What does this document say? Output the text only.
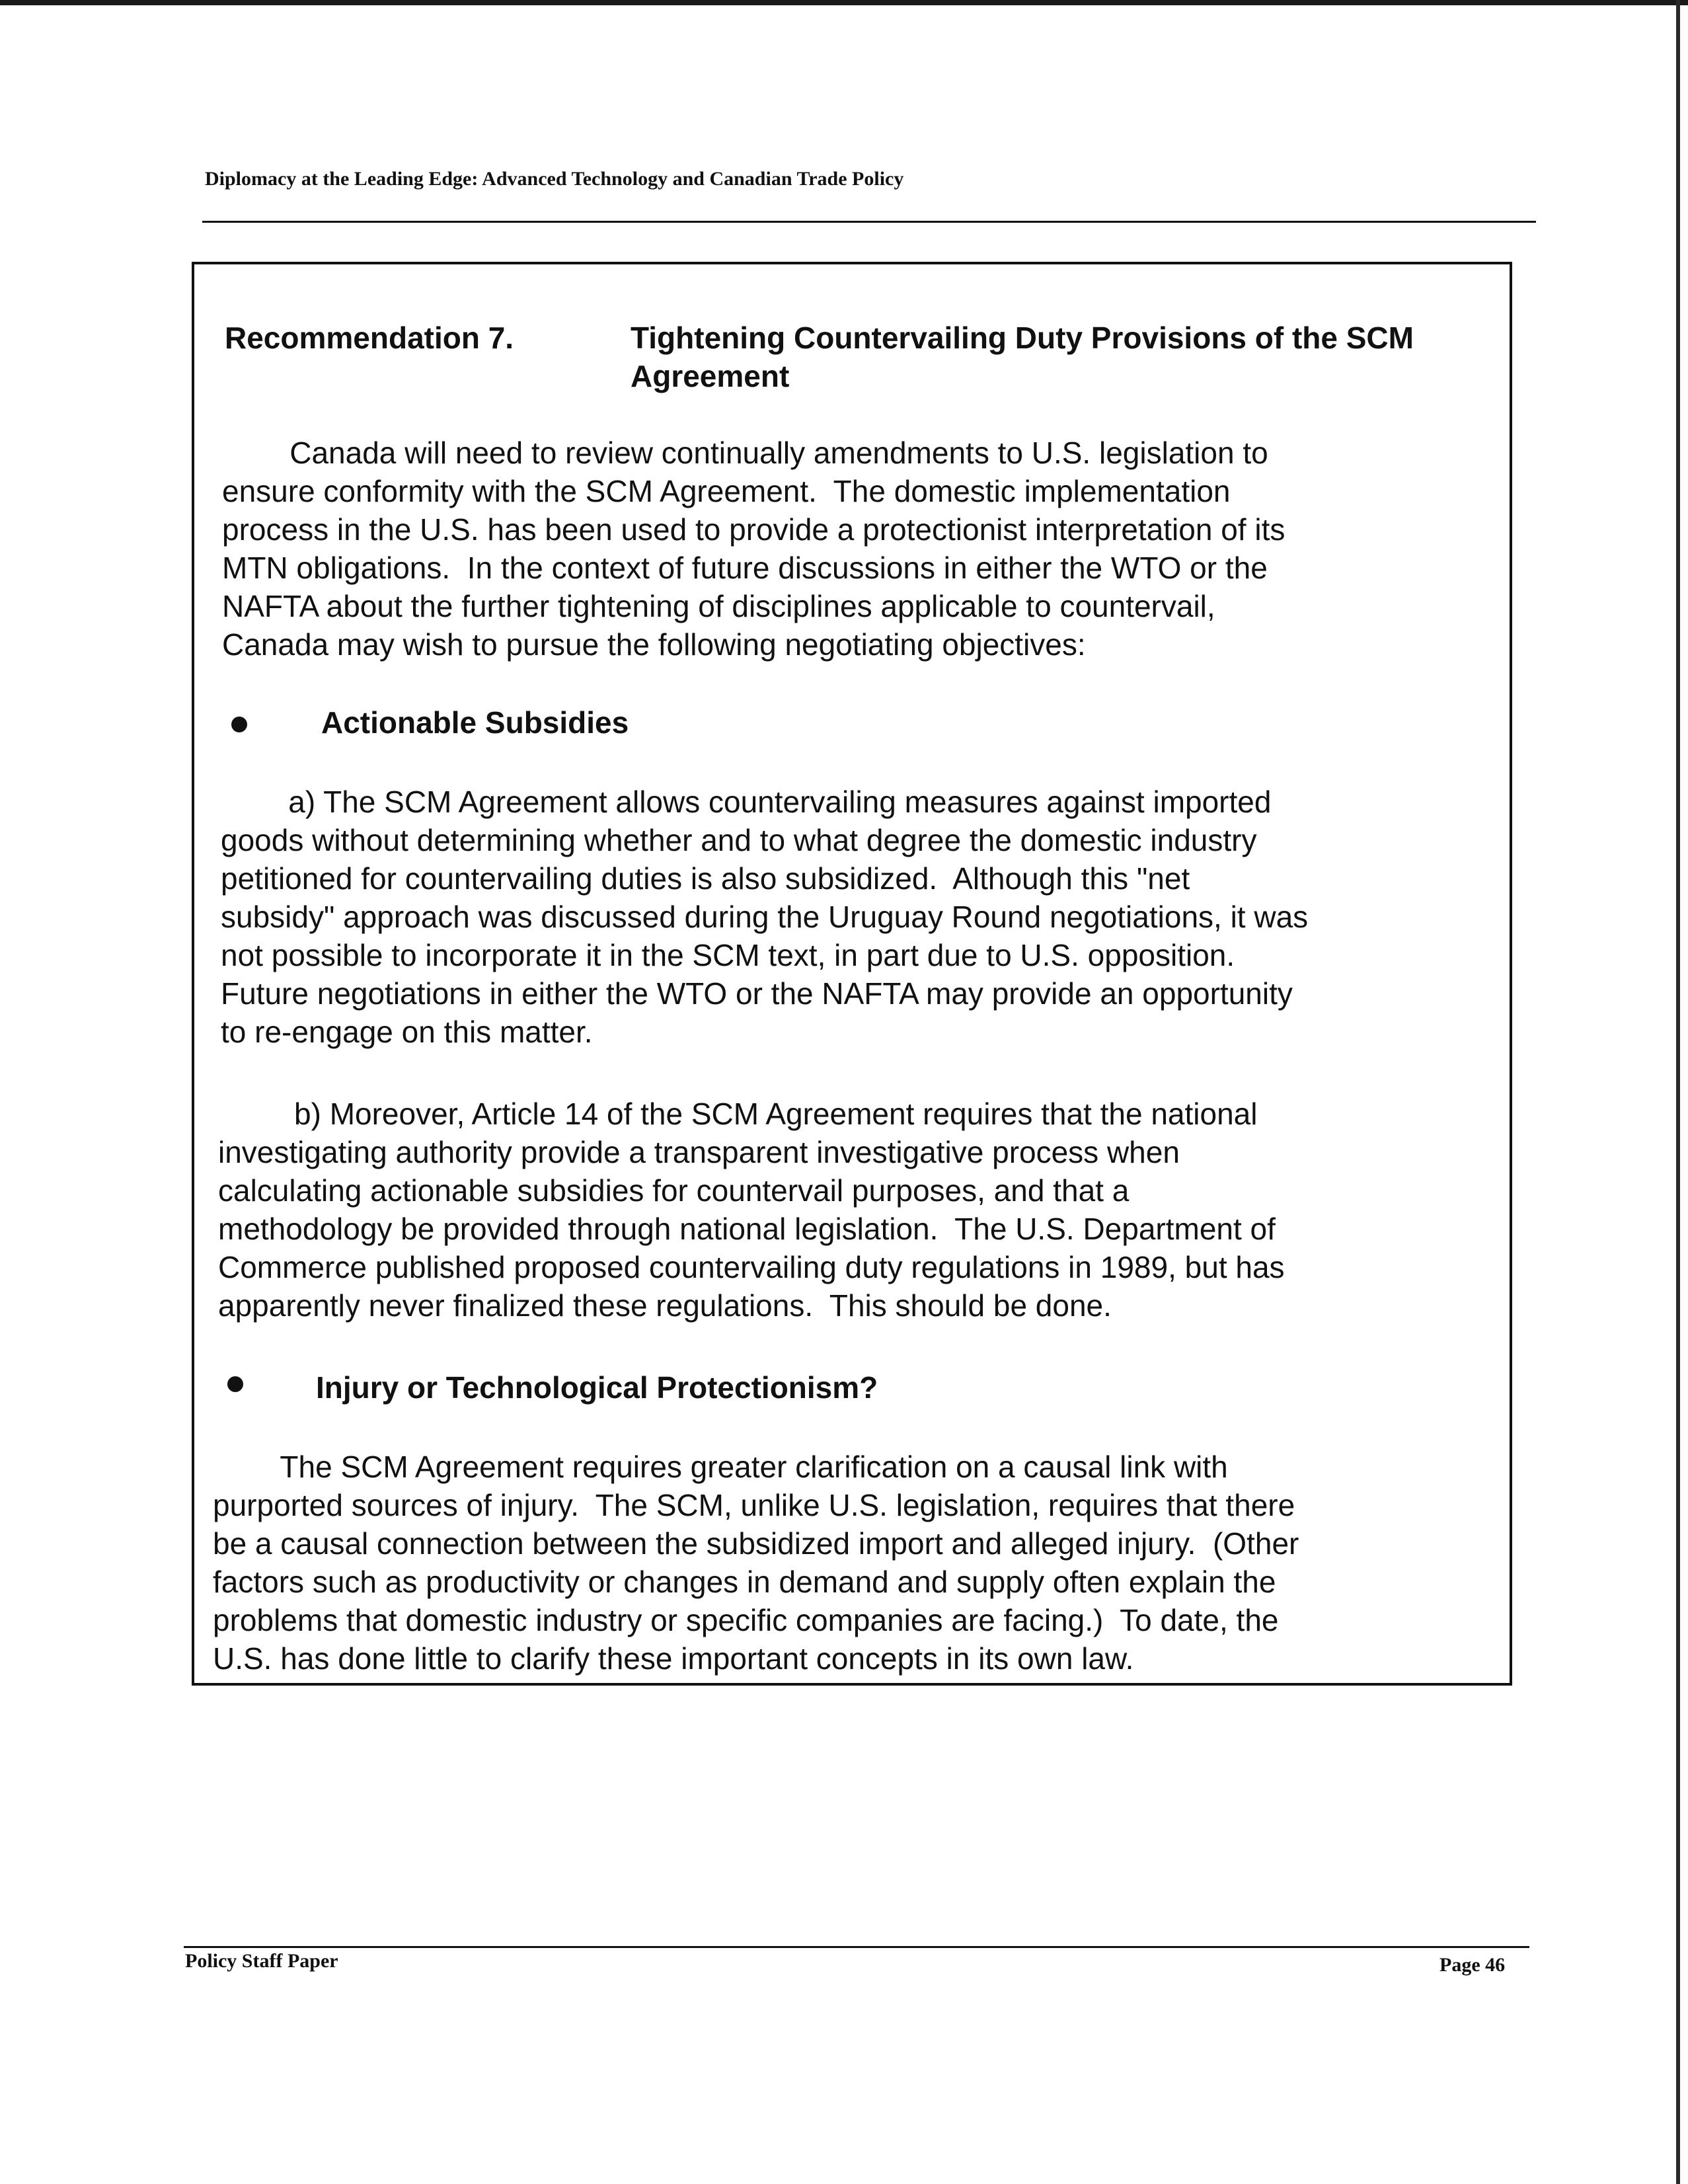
Diplomacy at the Leading Edge: Advanced Technology and Canadian Trade Policy
Recommendation 7.	Tightening Countervailing Duty Provisions of the SCM
Agreement
Canada will need to review continually amendments to U.S. legislation to
ensure conformity with the SCM Agreement.  The domestic implementation
process in the U.S. has been used to provide a protectionist interpretation of its
MTN obligations.  In the context of future discussions in either the WTO or the
NAFTA about the further tightening of disciplines applicable to countervail,
Canada may wish to pursue the following negotiating objectives:
Actionable Subsidies
a) The SCM Agreement allows countervailing measures against imported
goods without determining whether and to what degree the domestic industry
petitioned for countervailing duties is also subsidized.  Although this "net
subsidy" approach was discussed during the Uruguay Round negotiations, it was
not possible to incorporate it in the SCM text, in part due to U.S. opposition.
Future negotiations in either the WTO or the NAFTA may provide an opportunity
to re-engage on this matter.
b) Moreover, Article 14 of the SCM Agreement requires that the national
investigating authority provide a transparent investigative process when
calculating actionable subsidies for countervail purposes, and that a
methodology be provided through national legislation.  The U.S. Department of
Commerce published proposed countervailing duty regulations in 1989, but has
apparently never finalized these regulations.  This should be done.
Injury or Technological Protectionism?
The SCM Agreement requires greater clarification on a causal link with
purported sources of injury.  The SCM, unlike U.S. legislation, requires that there
be a causal connection between the subsidized import and alleged injury.  (Other
factors such as productivity or changes in demand and supply often explain the
problems that domestic industry or specific companies are facing.)  To date, the
U.S. has done little to clarify these important concepts in its own law.
Policy Staff Paper	Page 46
